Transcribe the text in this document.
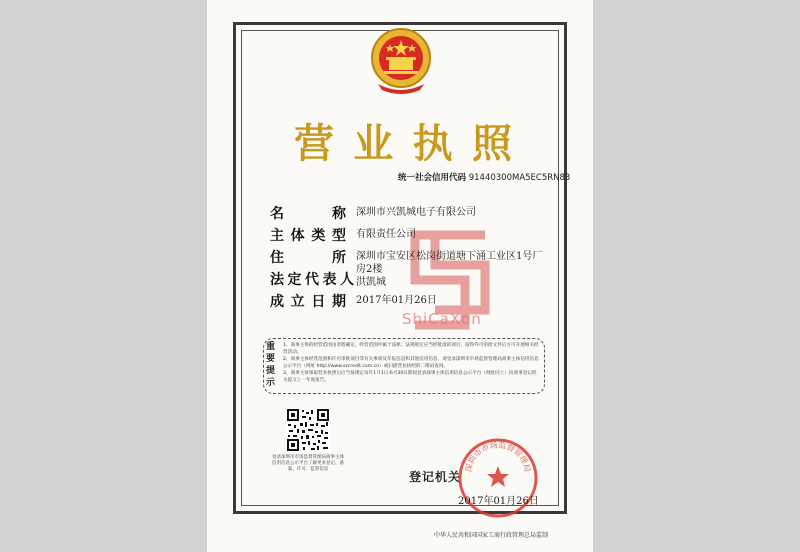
营 业 执 照
统一社会信用代码 91440300MA5EC5RN83
ShiCaXon
名	称 深圳市兴凯城电子有限公司
主 体 类 型 有限责任公司
住	所 深圳市宝安区松岗街道塘下涌工业区1号厂房2楼
法 定 代 表 人 洪凯城
成 立 日 期 2017年01月26日
重要提示

1、商事主体的经营范围由章程确定。经营范围中属于法律、法规规定应当经批准的项目，取得许可审批文件后方可开展相关经营活动。

2、商事主体经营范围和许可审批项目等有关事项及年报信息和其他信用信息，请登录深圳市市场监督管理局商事主体信用信息公示平台（网址 http://www.szcredit.com.cn）或扫描营业执照的二维码查询。

3、商事主体领取营业执照后应当按规定每年1月1日-6月30日期间登录商事主体信用信息公示平台（网址同上）向商事登记机关提交上一年度报告。

登录深圳市市场监督管理局商事主体信用信息公示平台了解更多登记、备案、许可、监管信息
登记机关
深圳市市场监督管理局
2017年01月26日
中华人民共和国国家工商行政管理总局监制
